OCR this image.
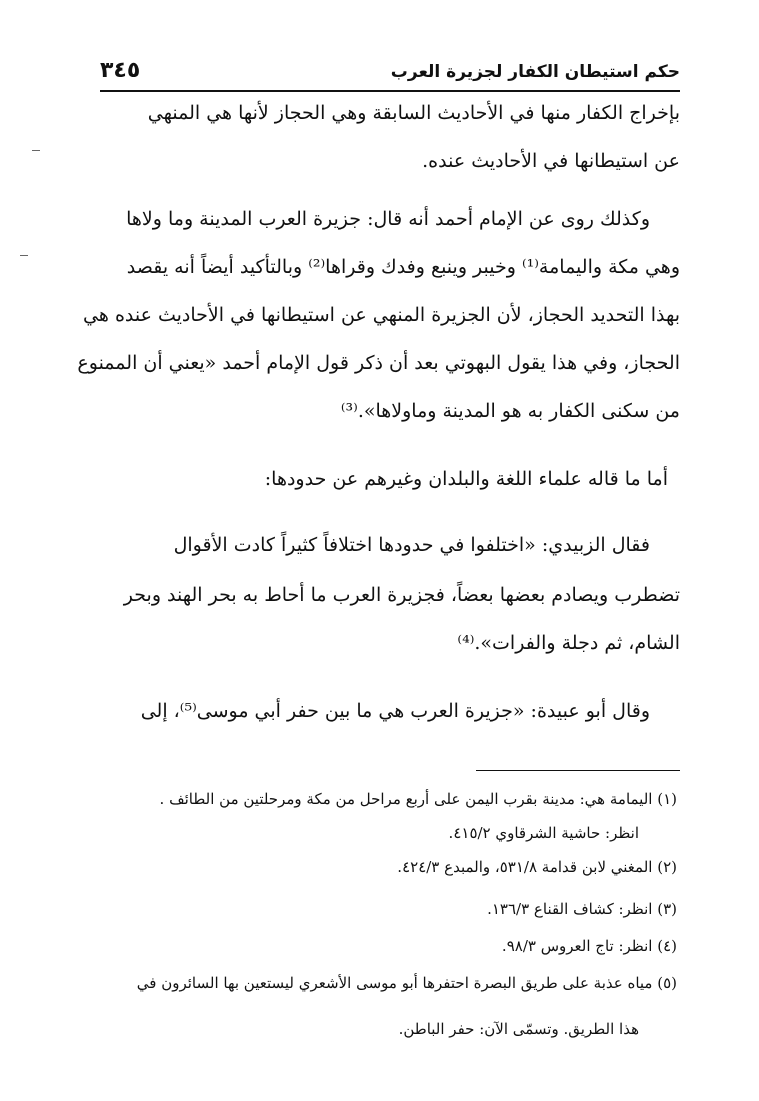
حكم استيطان الكفار لجزيرة العرب
٣٤٥
بإخراج الكفار منها في الأحاديث السابقة وهي الحجاز لأنها هي المنهي
عن استيطانها في الأحاديث عنده.
وكذلك روى عن الإمام أحمد أنه قال: جزيرة العرب المدينة وما ولاها
وهي مكة واليمامة⁽¹⁾ وخيبر وينبع وفدك وقراها⁽²⁾ وبالتأكيد أيضاً أنه يقصد
بهذا التحديد الحجاز، لأن الجزيرة المنهي عن استيطانها في الأحاديث عنده هي
الحجاز، وفي هذا يقول البهوتي بعد أن ذكر قول الإمام أحمد «يعني أن الممنوع
من سكنى الكفار به هو المدينة وماولاها».⁽³⁾
أما ما قاله علماء اللغة والبلدان وغيرهم عن حدودها:
فقال الزبيدي: «اختلفوا في حدودها اختلافاً كثيراً كادت الأقوال
تضطرب ويصادم بعضها بعضاً، فجزيرة العرب ما أحاط به بحر الهند وبحر
الشام، ثم دجلة والفرات».⁽⁴⁾
وقال أبو عبيدة: «جزيرة العرب هي ما بين حفر أبي موسى⁽⁵⁾، إلى
(١) اليمامة هي: مدينة بقرب اليمن على أربع مراحل من مكة ومرحلتين من الطائف .
انظر: حاشية الشرقاوي ٤١٥/٢.
(٢) المغني لابن قدامة ٥٣١/٨، والمبدع ٤٢٤/٣.
(٣) انظر: كشاف القناع ١٣٦/٣.
(٤) انظر: تاج العروس ٩٨/٣.
(٥) مياه عذبة على طريق البصرة احتفرها أبو موسى الأشعري ليستعين بها السائرون في
هذا الطريق. وتسمّى الآن: حفر الباطن.
